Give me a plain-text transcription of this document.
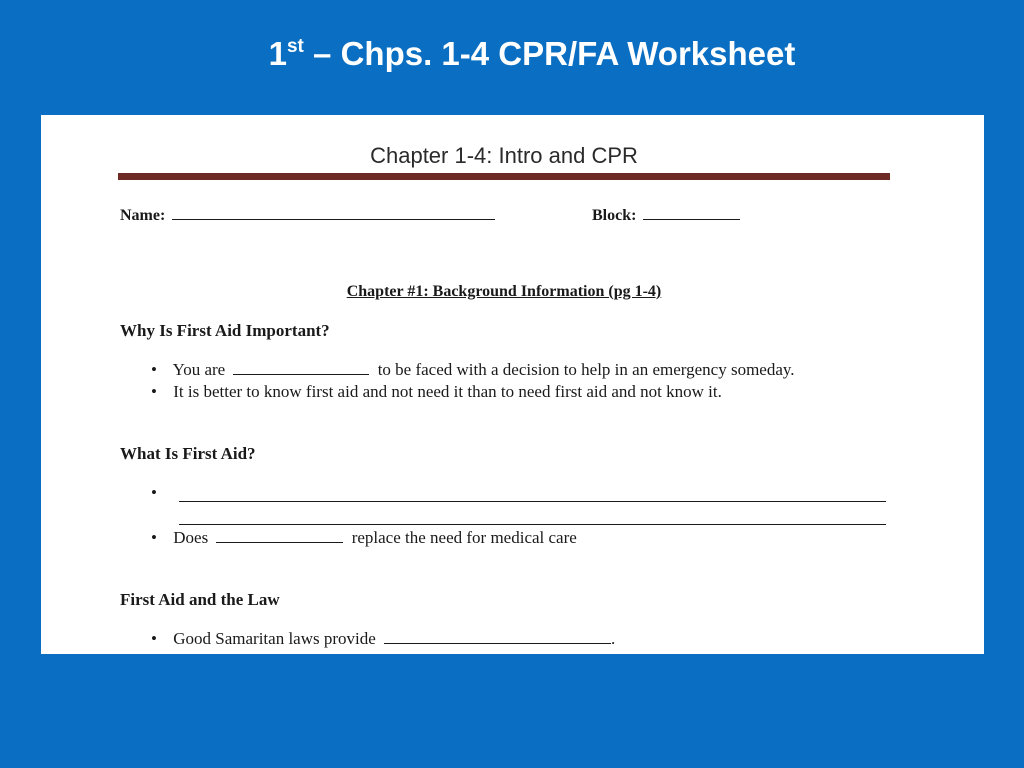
1st – Chps. 1-4 CPR/FA Worksheet
Chapter 1-4: Intro and CPR
Name:	Block:
Chapter #1: Background Information (pg 1-4)
Why Is First Aid Important?
• You are	to be faced with a decision to help in an emergency someday.
• It is better to know first aid and not need it than to need first aid and not know it.
What Is First Aid?
•
• Does	replace the need for medical care
First Aid and the Law
• Good Samaritan laws provide	.
